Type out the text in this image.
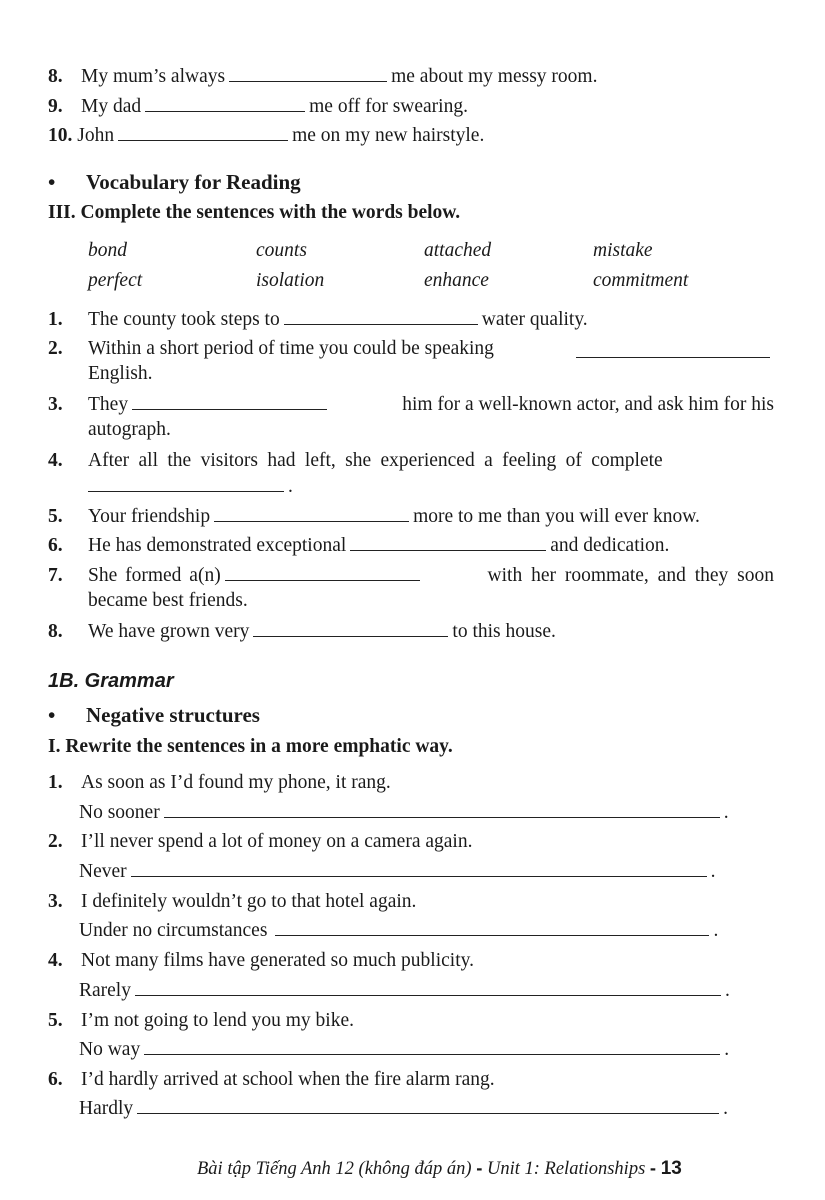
8. My mum’s always	me about my messy room.
9. My dad	me off for swearing.
10. John	me on my new hairstyle.
• Vocabulary for Reading
III. Complete the sentences with the words below.
bond	counts	attached	mistake
perfect	isolation	enhance	commitment
1. The county took steps to	water quality.
2. Within a short period of time you could be speaking
English.
3.	They	him for a well-known actor, and ask him for his
autograph.
4. After all the visitors had left, she experienced a feeling of complete
.
5. Your friendship	more to me than you will ever know.
6. He has demonstrated exceptional	and dedication.
7.	She formed a(n)	with her roommate, and they soon
became best friends.
8. We have grown very	to this house.
1B. Grammar
• Negative structures
I. Rewrite the sentences in a more emphatic way.
1. As soon as I’d found my phone, it rang.
No sooner	.
2. I’ll never spend a lot of money on a camera again.
Never	.
3. I definitely wouldn’t go to that hotel again.
Under no circumstances	.
4. Not many films have generated so much publicity.
Rarely	.
5. I’m not going to lend you my bike.
No way	.
6. I’d hardly arrived at school when the fire alarm rang.
Hardly	.
Bài tập Tiếng Anh 12 (không đáp án) - Unit 1: Relationships - 13
